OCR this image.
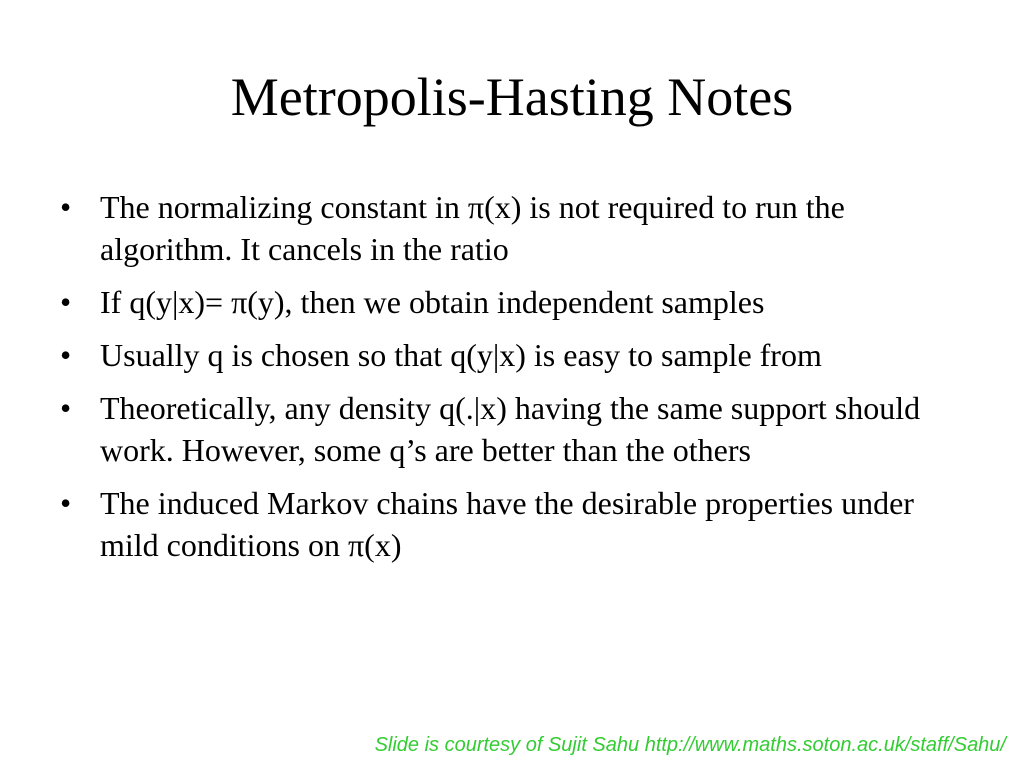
Metropolis-Hasting Notes
• The normalizing constant in π(x) is not required to run the algorithm. It cancels in the ratio
• If q(y|x)= π(y), then we obtain independent samples
• Usually q is chosen so that q(y|x) is easy to sample from
• Theoretically, any density q(.|x) having the same support should work. However, some q’s are better than the others
• The induced Markov chains have the desirable properties under mild conditions on π(x)
Slide is courtesy of Sujit Sahu http://www.maths.soton.ac.uk/staff/Sahu/
